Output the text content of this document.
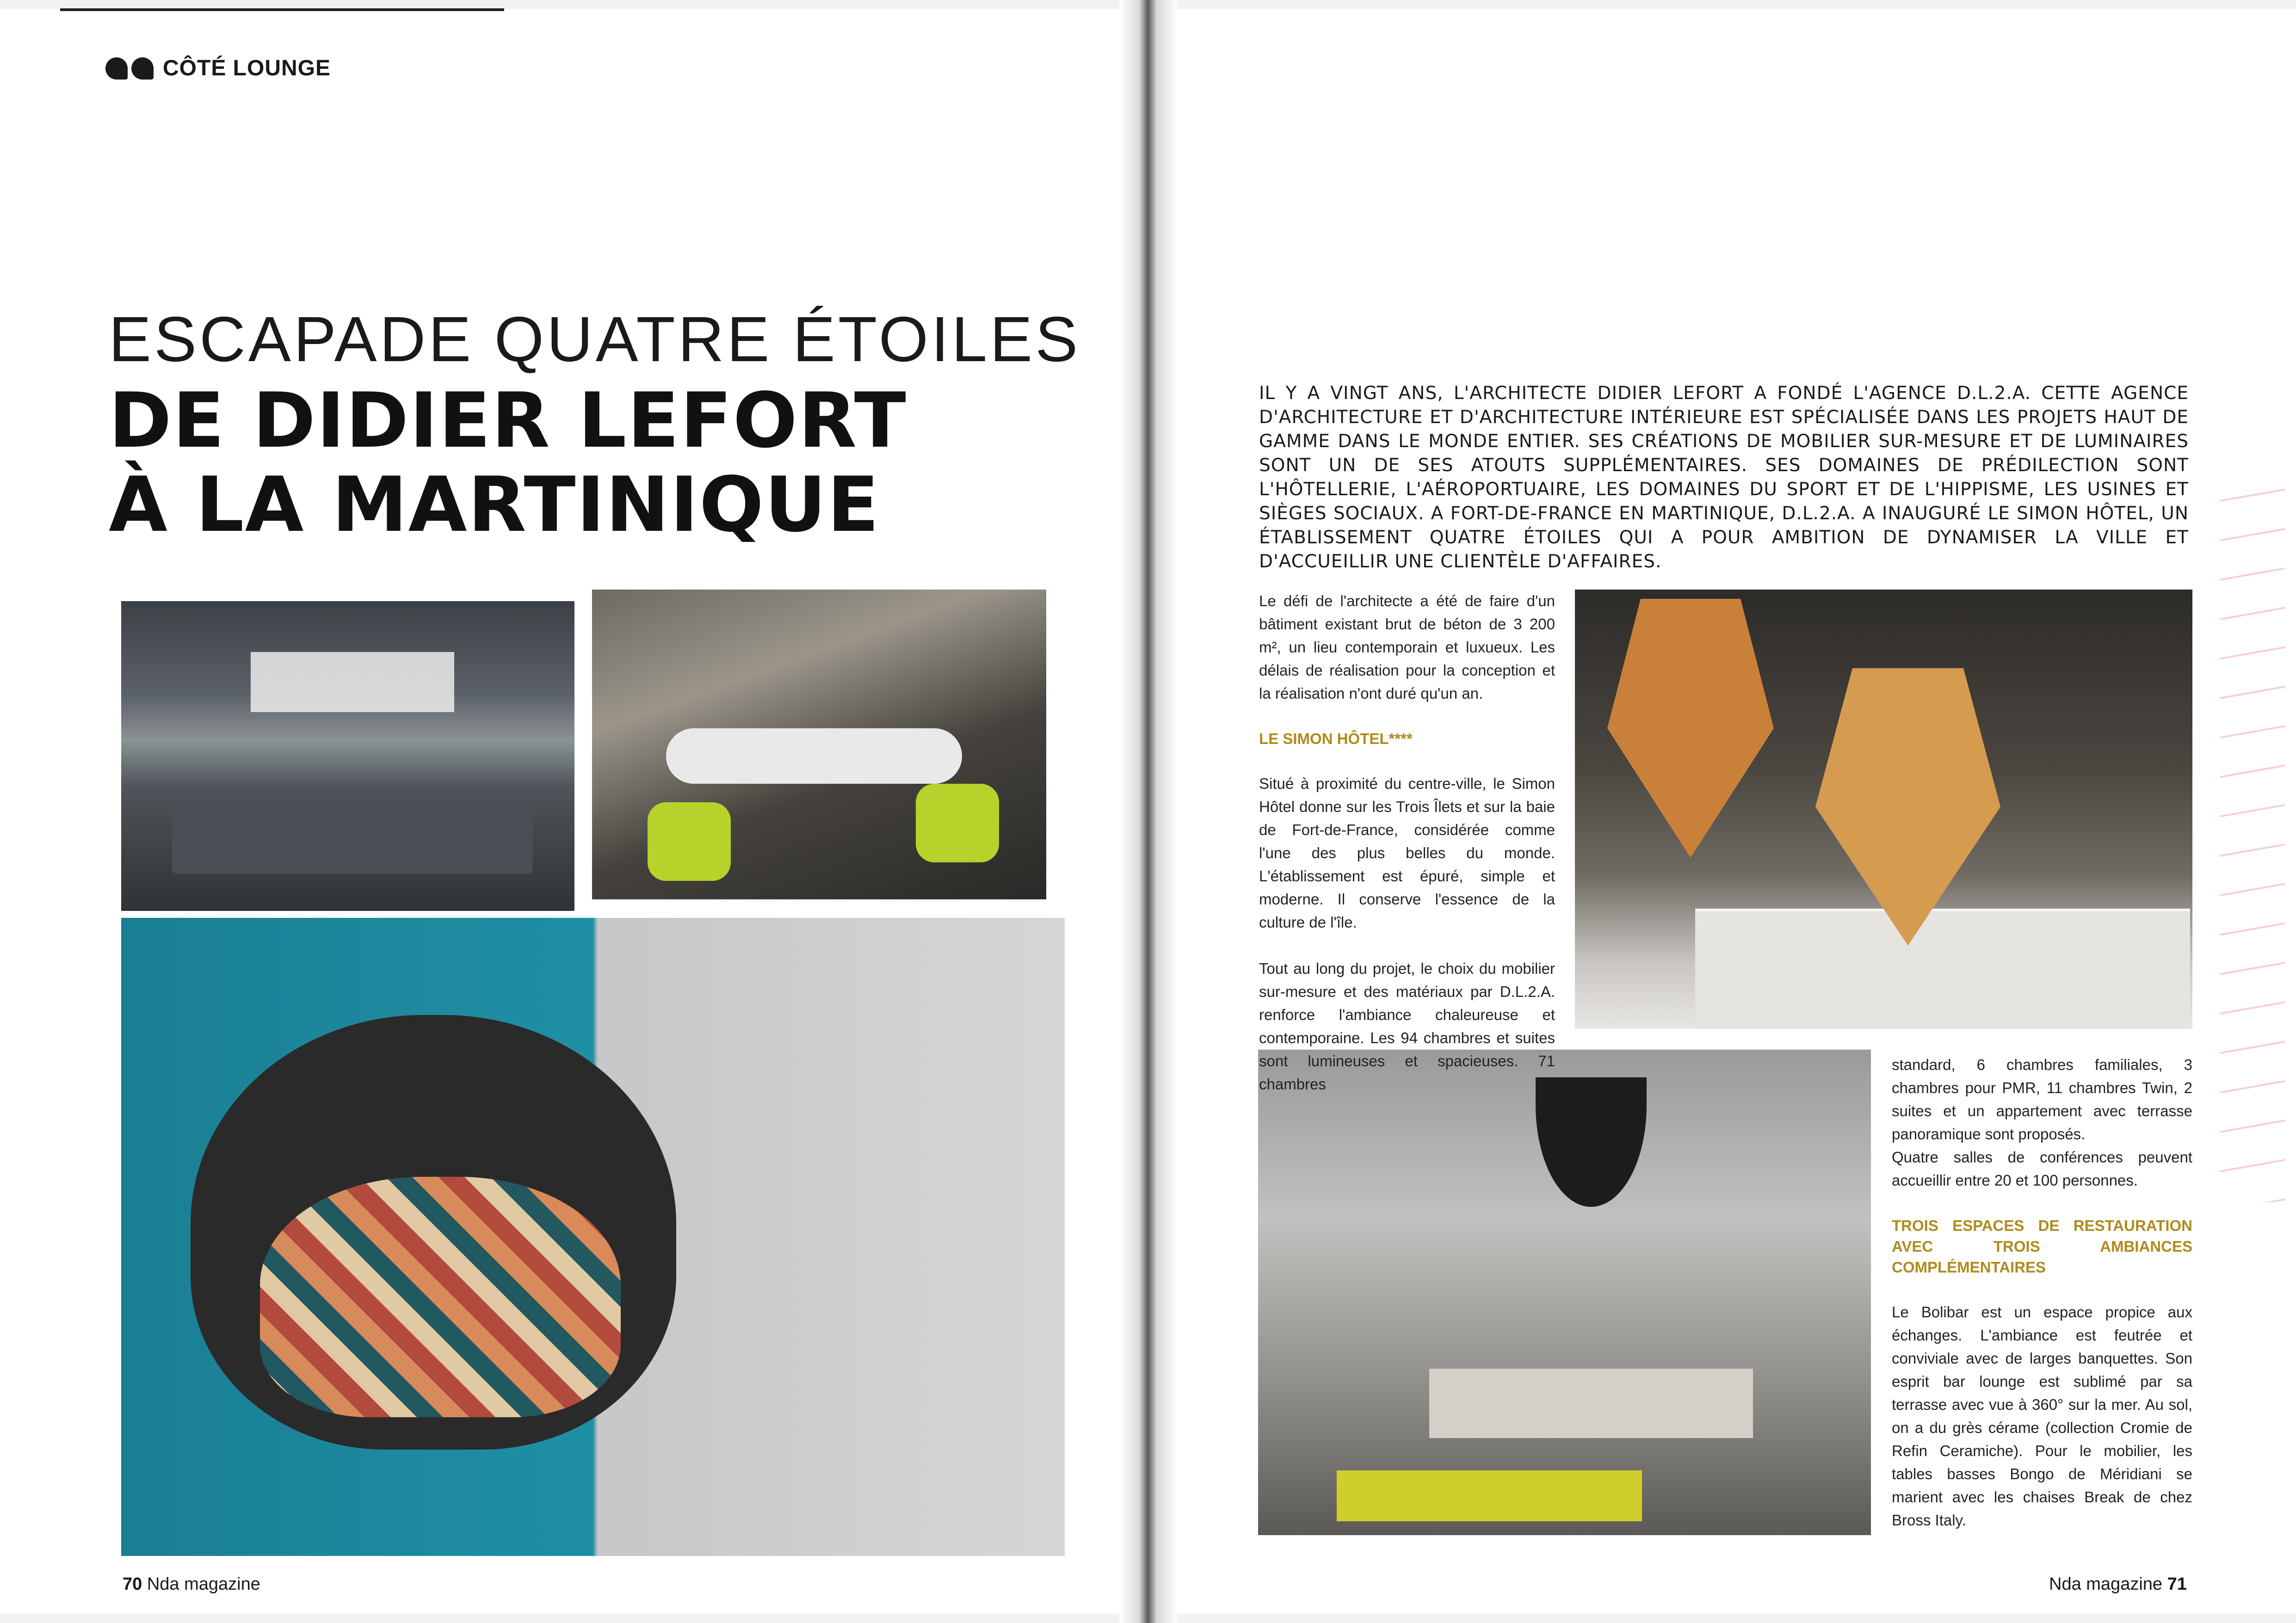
CÔTÉ LOUNGE
ESCAPADE QUATRE ÉTOILES
DE DIDIER LEFORT
À LA MARTINIQUE
IL Y A VINGT ANS, L'ARCHITECTE DIDIER LEFORT A FONDÉ L'AGENCE D.L.2.A. CETTE AGENCE D'ARCHITECTURE ET D'ARCHITECTURE INTÉRIEURE EST SPÉCIALISÉE DANS LES PROJETS HAUT DE GAMME DANS LE MONDE ENTIER. SES CRÉATIONS DE MOBILIER SUR-MESURE ET DE LUMINAIRES SONT UN DE SES ATOUTS SUPPLÉMENTAIRES. SES DOMAINES DE PRÉDILECTION SONT L'HÔTELLERIE, L'AÉROPORTUAIRE, LES DOMAINES DU SPORT ET DE L'HIPPISME, LES USINES ET SIÈGES SOCIAUX. A FORT-DE-FRANCE EN MARTINIQUE, D.L.2.A. A INAUGURÉ LE SIMON HÔTEL, UN ÉTABLISSEMENT QUATRE ÉTOILES QUI A POUR AMBITION DE DYNAMISER LA VILLE ET D'ACCUEILLIR UNE CLIENTÈLE D'AFFAIRES.

Le défi de l'architecte a été de faire d'un bâtiment existant brut de béton de 3 200 m², un lieu contemporain et luxueux. Les délais de réalisation pour la conception et la réalisation n'ont duré qu'un an.

LE SIMON HÔTEL****

Situé à proximité du centre-ville, le Simon Hôtel donne sur les Trois Îlets et sur la baie de Fort-de-France, considérée comme l'une des plus belles du monde. L'établissement est épuré, simple et moderne. Il conserve l'essence de la culture de l'île.

Tout au long du projet, le choix du mobilier sur-mesure et des matériaux par D.L.2.A. renforce l'ambiance chaleureuse et contemporaine. Les 94 chambres et suites sont lumineuses et spacieuses. 71 chambres

standard, 6 chambres familiales, 3 chambres pour PMR, 11 chambres Twin, 2 suites et un appartement avec terrasse panoramique sont proposés.

Quatre salles de conférences peuvent accueillir entre 20 et 100 personnes.

TROIS ESPACES DE RESTAURATION AVEC TROIS AMBIANCES COMPLÉMENTAIRES

Le Bolibar est un espace propice aux échanges. L'ambiance est feutrée et conviviale avec de larges banquettes. Son esprit bar lounge est sublimé par sa terrasse avec vue à 360° sur la mer. Au sol, on a du grès cérame (collection Cromie de Refin Ceramiche). Pour le mobilier, les tables basses Bongo de Méridiani se marient avec les chaises Break de chez Bross Italy.

70 Nda magazine	Nda magazine 71
